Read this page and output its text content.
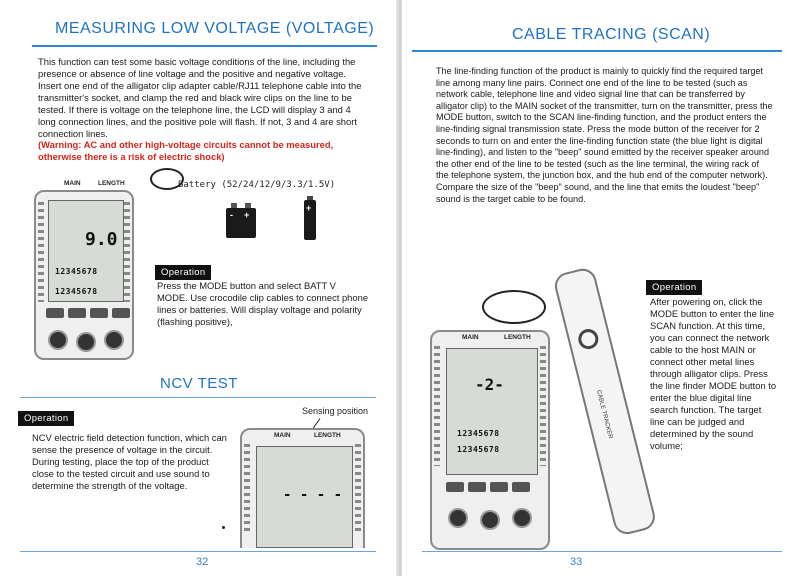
MEASURING LOW VOLTAGE (VOLTAGE)

This function can test some basic voltage conditions of the line, including the presence or absence of line voltage and the positive and negative voltage. Insert one end of the alligator clip adapter cable/RJ11 telephone cable into the transmitter's socket, and clamp the red and black wire clips on the line to be tested. If there is voltage on the telephone line, the LCD will display 3 and 4 long connection lines, and the positive pole will flash. If not, 3 and 4 are short connection lines.

(Warning: AC and other high-voltage circuits cannot be measured, otherwise there is a risk of electric shock)

MAIN	LENGTH
9.0
12345678
12345678
Battery (52/24/12/9/3.3/1.5V)
- +
+
Operation

Press the MODE button and select BATT V MODE. Use crocodile clip cables to connect phone lines or batteries. Will display voltage and polarity (flashing positive),

NCV TEST
Operation

NCV electric field detection function, which can sense the presence of voltage in the circuit. During testing, place the top of the product close to the tested circuit and use sound to determine the strength of the voltage.

Sensing position
MAIN	LENGTH
- - - -
32
CABLE TRACING (SCAN)

The line-finding function of the product is mainly to quickly find the required target line among many line pairs. Connect one end of the line to be tested (such as network cable, telephone line and video signal line that can be transferred by alligator clip) to the MAIN socket of the transmitter, turn on the transmitter, press the MODE button, switch to the SCAN line-finding function, and the product enters the line-finding signal transmission state. Press the mode button of the receiver for 2 seconds to turn on and enter the line-finding function state (the blue light is digital line-finding), and listen to the "beep" sound emitted by the receiver speaker around the other end of the line to be tested (such as the line terminal, the wiring rack of the telephone system, the junction box, and the hub end of the computer network). Compare the size of the "beep" sound, and the line that emits the loudest "beep" sound is the target cable to be found.

CABLE TRACKER
MAIN	LENGTH
-2-
12345678
12345678
Operation

After powering on, click the MODE button to enter the line SCAN function. At this time, you can connect the network cable to the host MAIN or connect other metal lines through alligator clips. Press the line finder MODE button to enter the blue digital line search function. The target line can be judged and determined by the sound volume;

33
